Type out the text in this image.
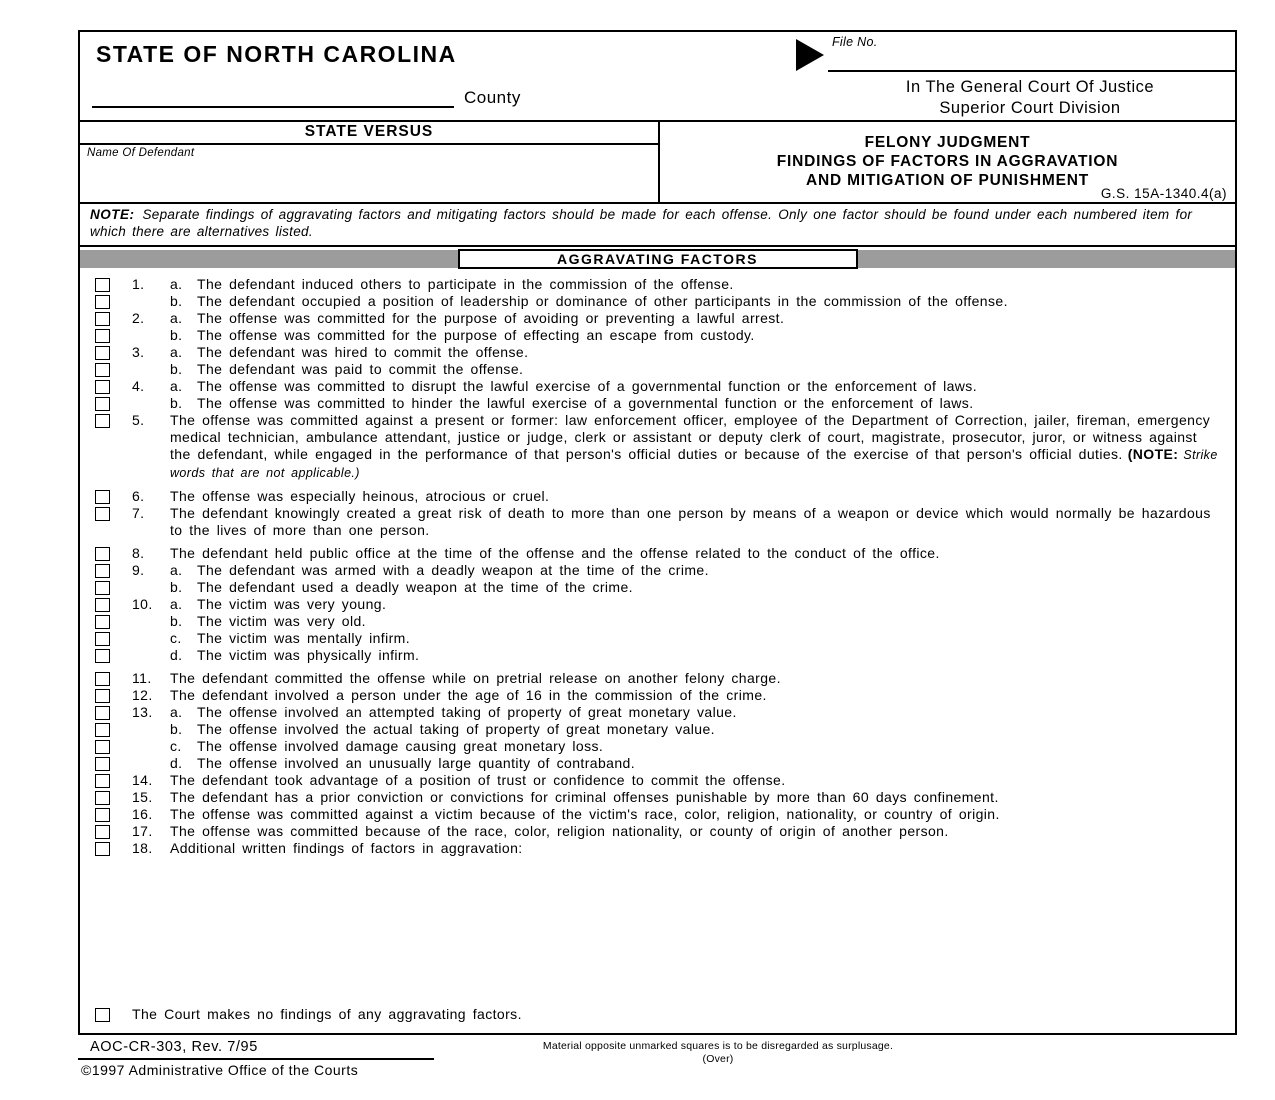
STATE OF NORTH CAROLINA
County
File No.
In The General Court Of Justice
Superior Court Division
STATE VERSUS
Name Of Defendant
FELONY JUDGMENT
FINDINGS OF FACTORS IN AGGRAVATION
AND MITIGATION OF PUNISHMENT
G.S. 15A-1340.4(a)
NOTE: Separate findings of aggravating factors and mitigating factors should be made for each offense. Only one factor should be found under each numbered item for which there are alternatives listed.
AGGRAVATING FACTORS
1.	a.	The defendant induced others to participate in the commission of the offense.
b.	The defendant occupied a position of leadership or dominance of other participants in the commission of the offense.
2.	a.	The offense was committed for the purpose of avoiding or preventing a lawful arrest.
b.	The offense was committed for the purpose of effecting an escape from custody.
3.	a.	The defendant was hired to commit the offense.
b.	The defendant was paid to commit the offense.
4.	a.	The offense was committed to disrupt the lawful exercise of a governmental function or the enforcement of laws.
b.	The offense was committed to hinder the lawful exercise of a governmental function or the enforcement of laws.
5.	The offense was committed against a present or former: law enforcement officer, employee of the Department of Correction, jailer, fireman, emergency medical technician, ambulance attendant, justice or judge, clerk or assistant or deputy clerk of court, magistrate, prosecutor, juror, or witness against the defendant, while engaged in the performance of that person's official duties or because of the exercise of that person's official duties. (NOTE: Strike words that are not applicable.)
6.	The offense was especially heinous, atrocious or cruel.
7.	The defendant knowingly created a great risk of death to more than one person by means of a weapon or device which would normally be hazardous to the lives of more than one person.
8.	The defendant held public office at the time of the offense and the offense related to the conduct of the office.
9.	a.	The defendant was armed with a deadly weapon at the time of the crime.
b.	The defendant used a deadly weapon at the time of the crime.
10.	a.	The victim was very young.
b.	The victim was very old.
c.	The victim was mentally infirm.
d.	The victim was physically infirm.
11.	The defendant committed the offense while on pretrial release on another felony charge.
12.	The defendant involved a person under the age of 16 in the commission of the crime.
13.	a.	The offense involved an attempted taking of property of great monetary value.
b.	The offense involved the actual taking of property of great monetary value.
c.	The offense involved damage causing great monetary loss.
d.	The offense involved an unusually large quantity of contraband.
14.	The defendant took advantage of a position of trust or confidence to commit the offense.
15.	The defendant has a prior conviction or convictions for criminal offenses punishable by more than 60 days confinement.
16.	The offense was committed against a victim because of the victim's race, color, religion, nationality, or country of origin.
17.	The offense was committed because of the race, color, religion nationality, or county of origin of another person.
18.	Additional written findings of factors in aggravation:
The Court makes no findings of any aggravating factors.
AOC-CR-303, Rev. 7/95
©1997 Administrative Office of the Courts
Material opposite unmarked squares is to be disregarded as surplusage.
(Over)
